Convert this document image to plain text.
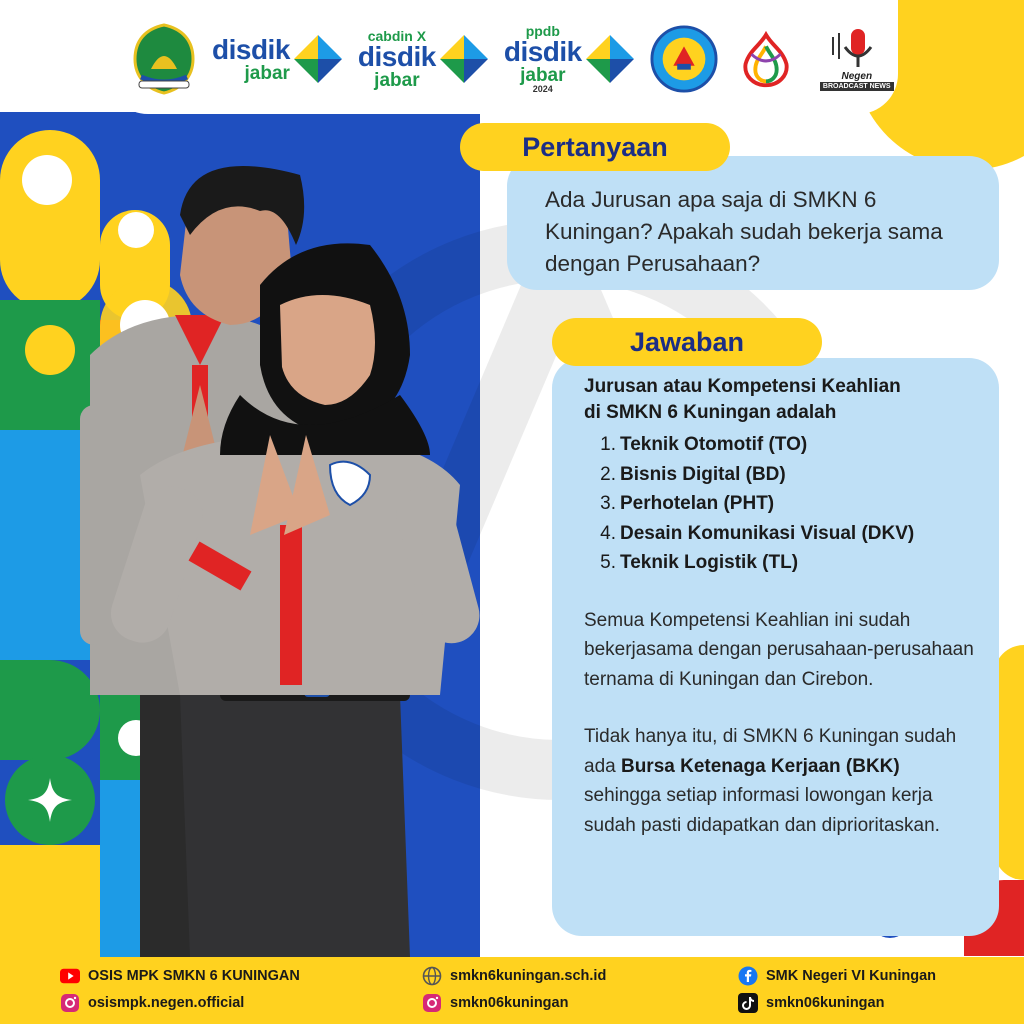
disdik
jabar
cabdin X
disdik
jabar
ppdb
disdik
jabar
2024
Negen
BROADCAST NEWS

Ada Jurusan apa saja di SMKN 6 Kuningan? Apakah sudah bekerja sama dengan Perusahaan?

Pertanyaan

Jurusan atau Kompetensi Keahlian
di SMKN 6 Kuningan adalah

1. Teknik Otomotif (TO)
2. Bisnis Digital (BD)
3. Perhotelan (PHT)
4. Desain Komunikasi Visual (DKV)
5. Teknik Logistik (TL)

Semua Kompetensi Keahlian ini sudah bekerjasama dengan perusahaan-perusahaan ternama di Kuningan dan Cirebon.

Tidak hanya itu, di SMKN 6 Kuningan sudah ada Bursa Ketenaga Kerjaan (BKK) sehingga setiap informasi lowongan kerja sudah pasti didapatkan dan diprioritaskan.

Jawaban
OSIS MPK SMKN 6 KUNINGAN
osismpk.negen.official
smkn6kuningan.sch.id
smkn06kuningan
SMK Negeri VI Kuningan
smkn06kuningan
